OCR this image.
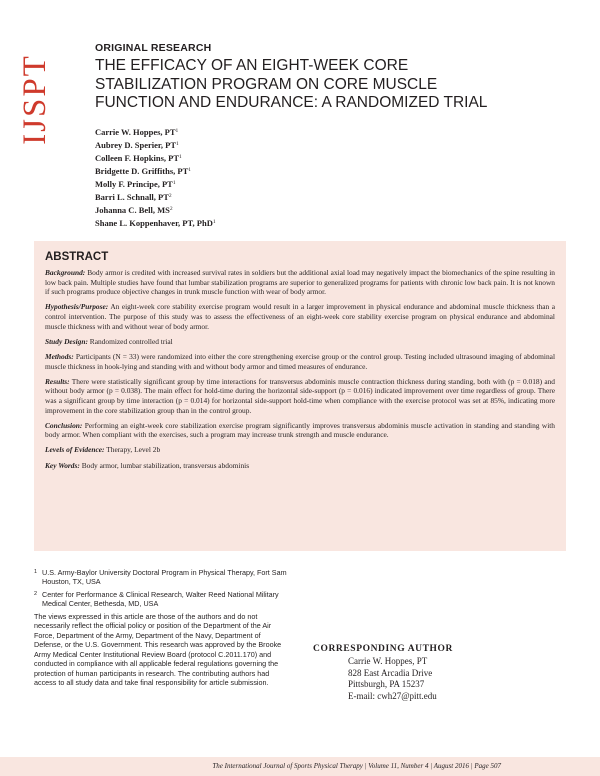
IJSPT
ORIGINAL RESEARCH
THE EFFICACY OF AN EIGHT-WEEK CORE
STABILIZATION PROGRAM ON CORE MUSCLE
FUNCTION AND ENDURANCE: A RANDOMIZED TRIAL
Carrie W. Hoppes, $PT^1$
Aubrey D. Sperier, $PT^1$
Colleen F. Hopkins, $PT^1$
Bridgette D. Griffiths, $PT^1$
Molly F. Principe, $PT^1$
Barri L. Schnall, $PT^2$
Johanna C. Bell, $MS^2$
Shane L. Koppenhaver, PT, PhD$^1$
ABSTRACT

Background: Body armor is credited with increased survival rates in soldiers but the additional axial load may negatively impact the biomechanics of the spine resulting in low back pain. Multiple studies have found that lumbar stabilization programs are superior to generalized programs for patients with chronic low back pain. It is not known if such programs produce objective changes in trunk muscle function with wear of body armor.

Hypothesis/Purpose: An eight-week core stability exercise program would result in a larger improvement in physical endurance and abdominal muscle thickness than a control intervention. The purpose of this study was to assess the effectiveness of an eight-week core stability exercise program on physical endurance and abdominal muscle thickness with and without wear of body armor.

Study Design: Randomized controlled trial

Methods: Participants (N = 33) were randomized into either the core strengthening exercise group or the control group. Testing included ultrasound imaging of abdominal muscle thickness in hook-lying and standing with and without body armor and timed measures of endurance.

Results: There were statistically significant group by time interactions for transversus abdominis muscle contraction thickness during standing, both with (p = 0.018) and without body armor (p = 0.038). The main effect for hold-time during the horizontal side-support (p = 0.016) indicated improvement over time regardless of group. There was a significant group by time interaction (p = 0.014) for horizontal side-support hold-time when compliance with the exercise protocol was set at 85%, indicating more improvement in the core stabilization group than in the control group.

Conclusion: Performing an eight-week core stabilization exercise program significantly improves transversus abdominis muscle activation in standing and standing with body armor. When compliant with the exercises, such a program may increase trunk strength and muscle endurance.

Levels of Evidence: Therapy, Level 2b

Key Words: Body armor, lumbar stabilization, transversus abdominis

1 U.S. Army-Baylor University Doctoral Program in Physical Therapy, Fort Sam Houston, TX, USA
2 Center for Performance & Clinical Research, Walter Reed National Military Medical Center, Bethesda, MD, USA
The views expressed in this article are those of the authors and do not necessarily reflect the official policy or position of the Department of the Air Force, Department of the Army, Department of the Navy, Department of Defense, or the U.S. Government. This research was approved by the Brooke Army Medical Center Institutional Review Board (protocol C.2011.170) and conducted in compliance with all applicable federal regulations governing the protection of human participants in research. The contributing authors had access to all study data and take final responsibility for article submission.
CORRESPONDING AUTHOR
Carrie W. Hoppes, PT
828 East Arcadia Drive
Pittsburgh, PA 15237
E-mail: cwh27@pitt.edu
The International Journal of Sports Physical Therapy | Volume 11, Number 4 | August 2016 | Page 507
